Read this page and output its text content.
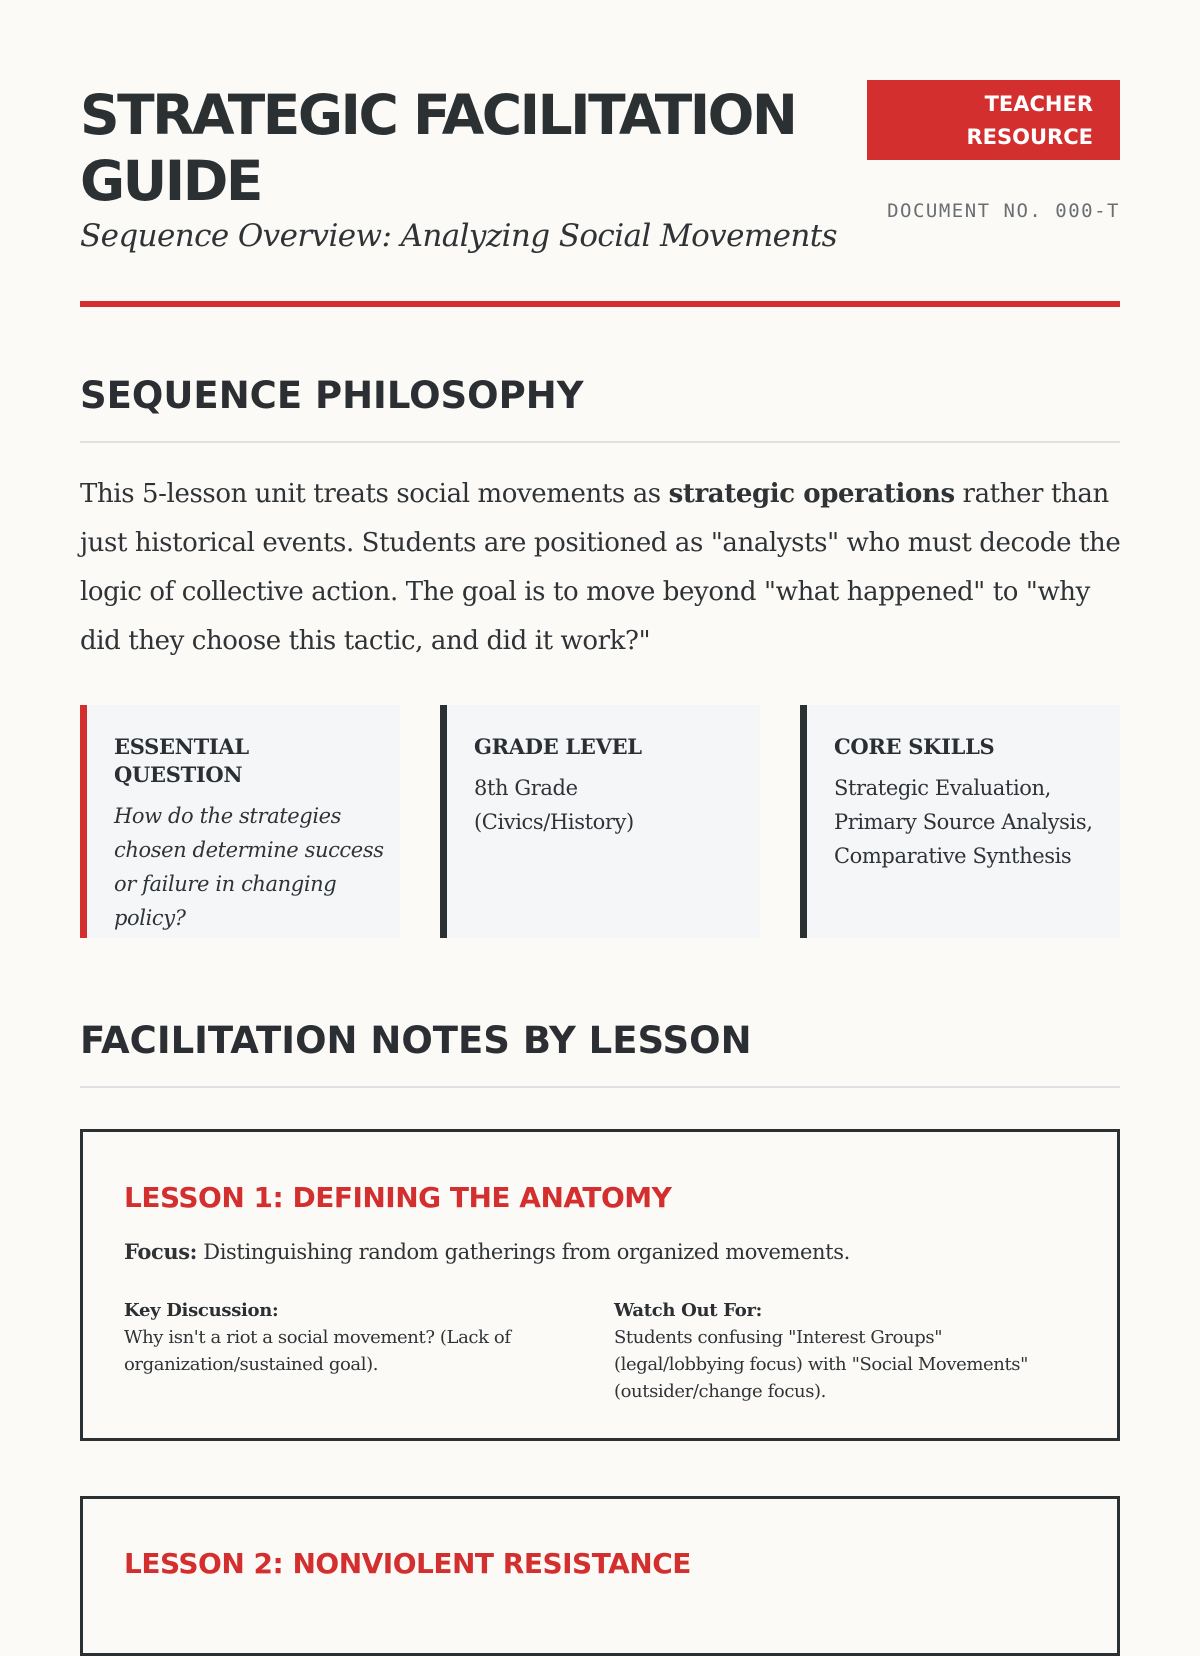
STRATEGIC FACILITATION GUIDE
Sequence Overview: Analyzing Social Movements
TEACHER
RESOURCE
DOCUMENT NO. 000-T
SEQUENCE PHILOSOPHY

This 5-lesson unit treats social movements as strategic operations rather than just historical events. Students are positioned as "analysts" who must decode the logic of collective action. The goal is to move beyond "what happened" to "why did they choose this tactic, and did it work?"

ESSENTIAL QUESTION

How do the strategies chosen determine success or failure in changing policy?

GRADE LEVEL

8th Grade (Civics/History)

CORE SKILLS

Strategic Evaluation, Primary Source Analysis, Comparative Synthesis

FACILITATION NOTES BY LESSON
LESSON 1: DEFINING THE ANATOMY

Focus: Distinguishing random gatherings from organized movements.

Key Discussion:
Why isn't a riot a social movement? (Lack of organization/sustained goal).
Watch Out For:
Students confusing "Interest Groups" (legal/lobbying focus) with "Social Movements" (outsider/change focus).
LESSON 2: NONVIOLENT RESISTANCE
